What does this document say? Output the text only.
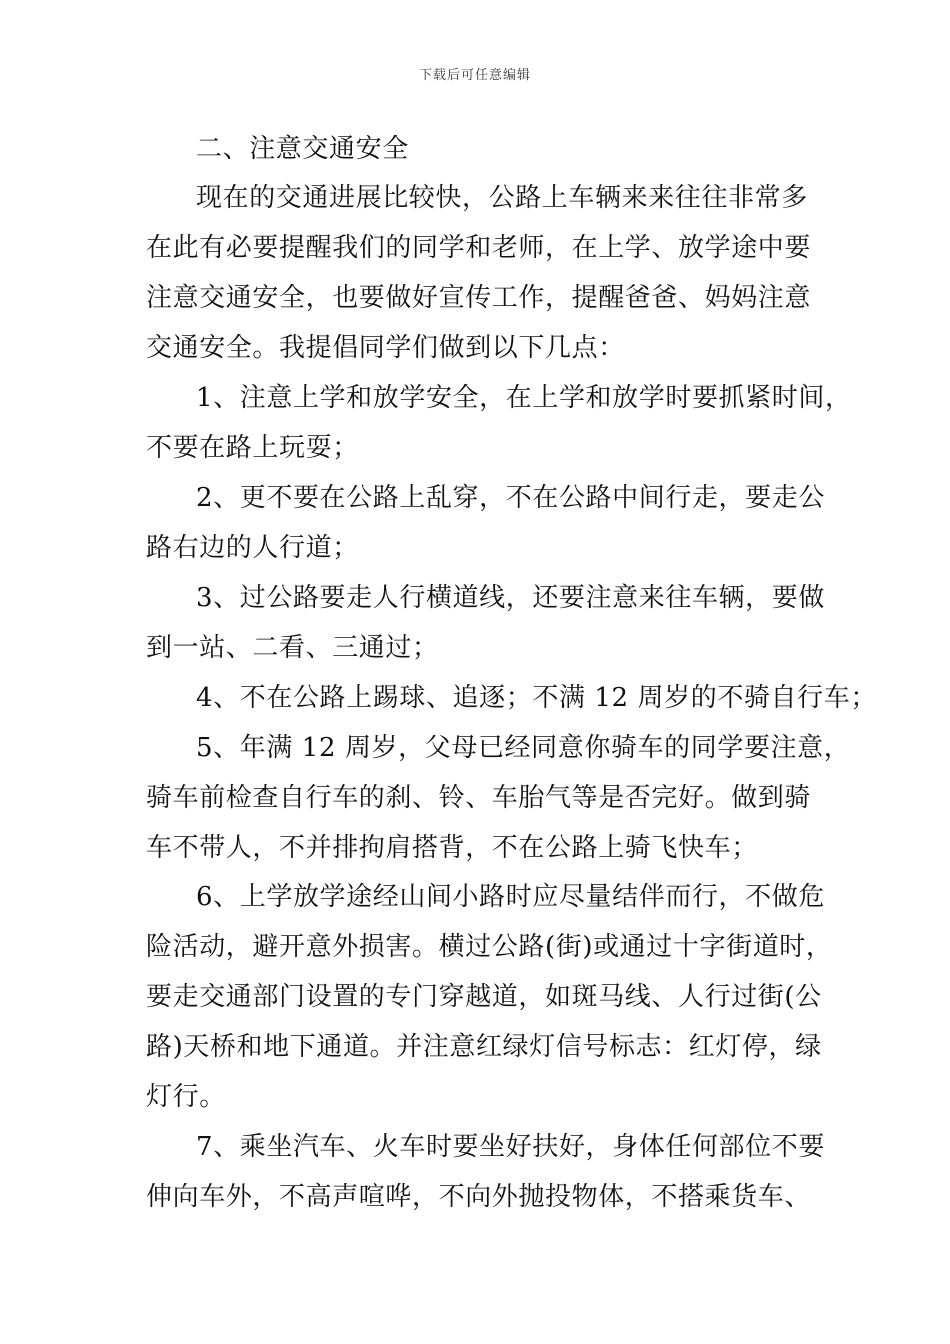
下载后可任意编辑
二、注意交通安全
现在的交通进展比较快，公路上车辆来来往往非常多
在此有必要提醒我们的同学和老师，在上学、放学途中要
注意交通安全，也要做好宣传工作，提醒爸爸、妈妈注意
交通安全。我提倡同学们做到以下几点：
1、注意上学和放学安全，在上学和放学时要抓紧时间，
不要在路上玩耍；
2、更不要在公路上乱穿，不在公路中间行走，要走公
路右边的人行道；
3、过公路要走人行横道线，还要注意来往车辆，要做
到一站、二看、三通过；
4、不在公路上踢球、追逐；不满 12 周岁的不骑自行车；
5、年满 12 周岁，父母已经同意你骑车的同学要注意，
骑车前检查自行车的刹、铃、车胎气等是否完好。做到骑
车不带人，不并排拘肩搭背，不在公路上骑飞快车；
6、上学放学途经山间小路时应尽量结伴而行，不做危
险活动，避开意外损害。横过公路(街)或通过十字街道时，
要走交通部门设置的专门穿越道，如斑马线、人行过街(公
路)天桥和地下通道。并注意红绿灯信号标志：红灯停，绿
灯行。
7、乘坐汽车、火车时要坐好扶好，身体任何部位不要
伸向车外，不高声喧哗，不向外抛投物体，不搭乘货车、
